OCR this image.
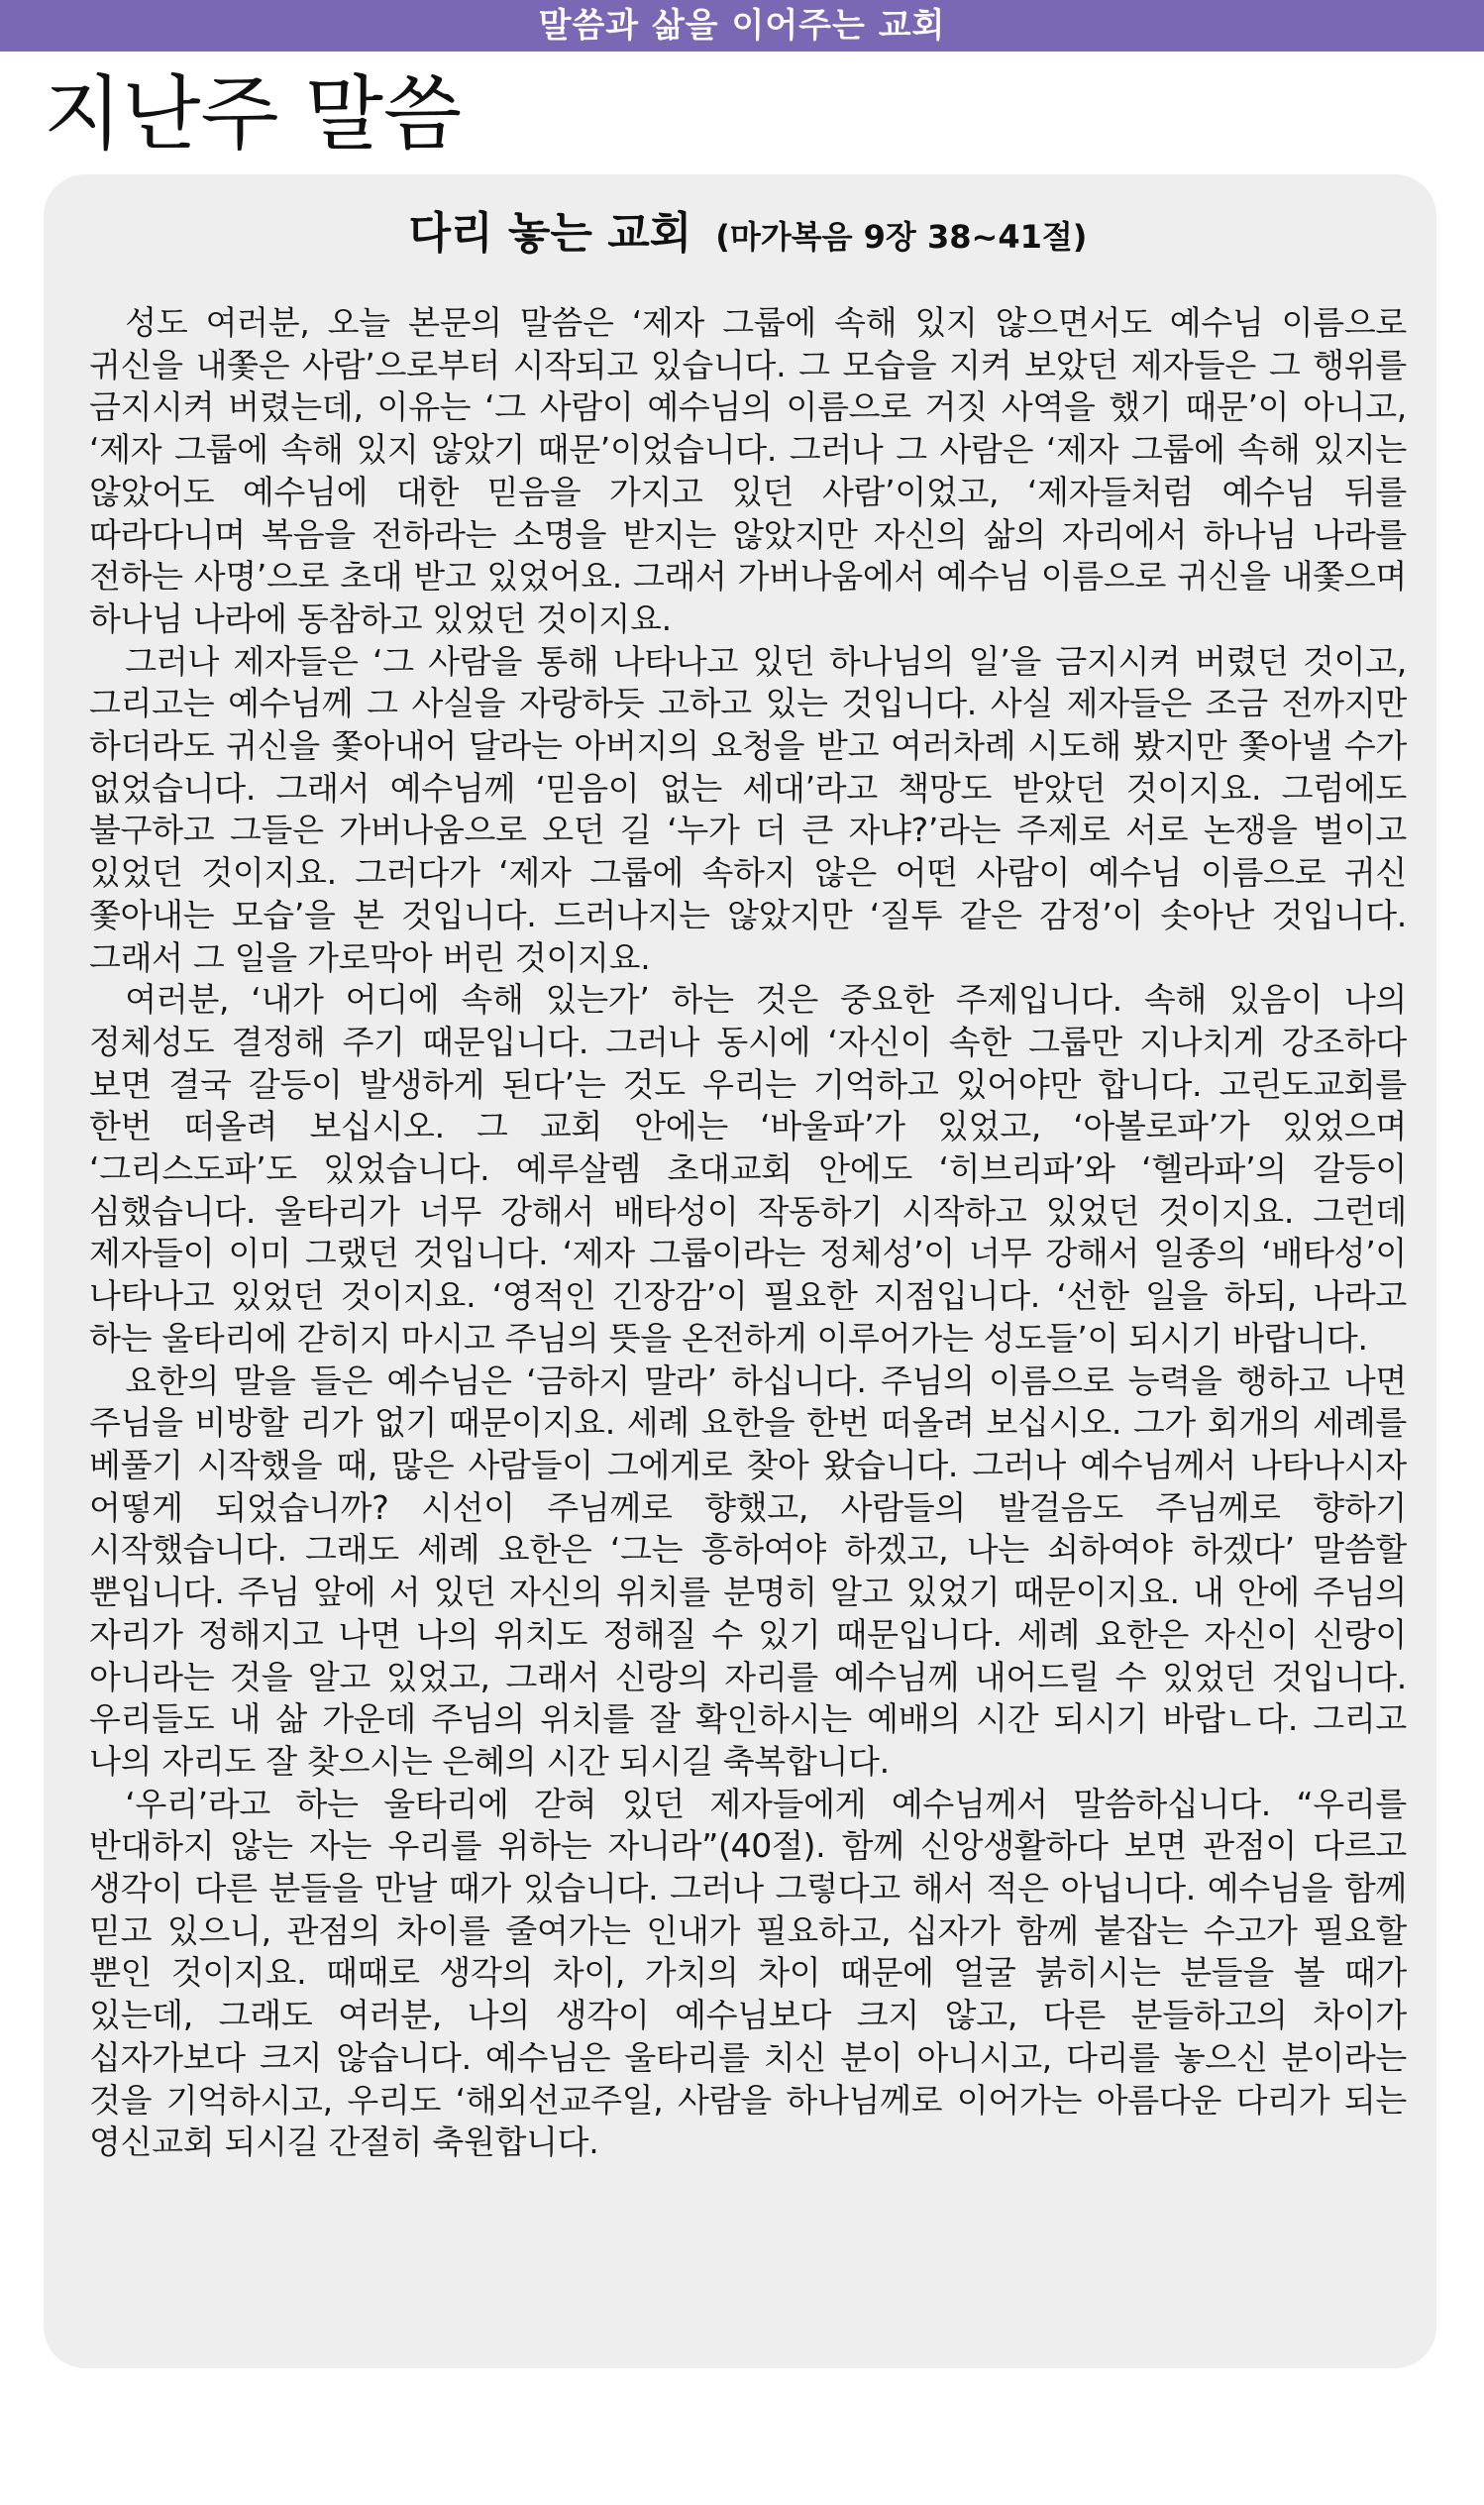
말씀과 삶을 이어주는 교회
지난주 말씀
다리 놓는 교회 (마가복음 9장 38~41절)

성도 여러분, 오늘 본문의 말씀은 ‘제자 그룹에 속해 있지 않으면서도 예수님 이름으로 귀신을 내쫓은 사람’으로부터 시작되고 있습니다. 그 모습을 지켜 보았던 제자들은 그 행위를 금지시켜 버렸는데, 이유는 ‘그 사람이 예수님의 이름으로 거짓 사역을 했기 때문’이 아니고, ‘제자 그룹에 속해 있지 않았기 때문’이었습니다. 그러나 그 사람은 ‘제자 그룹에 속해 있지는 않았어도 예수님에 대한 믿음을 가지고 있던 사람’이었고, ‘제자들처럼 예수님 뒤를 따라다니며 복음을 전하라는 소명을 받지는 않았지만 자신의 삶의 자리에서 하나님 나라를 전하는 사명’으로 초대 받고 있었어요. 그래서 가버나움에서 예수님 이름으로 귀신을 내쫓으며 하나님 나라에 동참하고 있었던 것이지요.

그러나 제자들은 ‘그 사람을 통해 나타나고 있던 하나님의 일’을 금지시켜 버렸던 것이고, 그리고는 예수님께 그 사실을 자랑하듯 고하고 있는 것입니다. 사실 제자들은 조금 전까지만 하더라도 귀신을 쫓아내어 달라는 아버지의 요청을 받고 여러차례 시도해 봤지만 쫓아낼 수가 없었습니다. 그래서 예수님께 ‘믿음이 없는 세대’라고 책망도 받았던 것이지요. 그럼에도 불구하고 그들은 가버나움으로 오던 길 ‘누가 더 큰 자냐?’라는 주제로 서로 논쟁을 벌이고 있었던 것이지요. 그러다가 ‘제자 그룹에 속하지 않은 어떤 사람이 예수님 이름으로 귀신 쫓아내는 모습’을 본 것입니다. 드러나지는 않았지만 ‘질투 같은 감정’이 솟아난 것입니다. 그래서 그 일을 가로막아 버린 것이지요.

여러분, ‘내가 어디에 속해 있는가’ 하는 것은 중요한 주제입니다. 속해 있음이 나의 정체성도 결정해 주기 때문입니다. 그러나 동시에 ‘자신이 속한 그룹만 지나치게 강조하다 보면 결국 갈등이 발생하게 된다’는 것도 우리는 기억하고 있어야만 합니다. 고린도교회를 한번 떠올려 보십시오. 그 교회 안에는 ‘바울파’가 있었고, ‘아볼로파’가 있었으며 ‘그리스도파’도 있었습니다. 예루살렘 초대교회 안에도 ‘히브리파’와 ‘헬라파’의 갈등이 심했습니다. 울타리가 너무 강해서 배타성이 작동하기 시작하고 있었던 것이지요. 그런데 제자들이 이미 그랬던 것입니다. ‘제자 그룹이라는 정체성’이 너무 강해서 일종의 ‘배타성’이 나타나고 있었던 것이지요. ‘영적인 긴장감’이 필요한 지점입니다. ‘선한 일을 하되, 나라고 하는 울타리에 갇히지 마시고 주님의 뜻을 온전하게 이루어가는 성도들’이 되시기 바랍니다.

요한의 말을 들은 예수님은 ‘금하지 말라’ 하십니다. 주님의 이름으로 능력을 행하고 나면 주님을 비방할 리가 없기 때문이지요. 세례 요한을 한번 떠올려 보십시오. 그가 회개의 세례를 베풀기 시작했을 때, 많은 사람들이 그에게로 찾아 왔습니다. 그러나 예수님께서 나타나시자 어떻게 되었습니까? 시선이 주님께로 향했고, 사람들의 발걸음도 주님께로 향하기 시작했습니다. 그래도 세례 요한은 ‘그는 흥하여야 하겠고, 나는 쇠하여야 하겠다’ 말씀할 뿐입니다. 주님 앞에 서 있던 자신의 위치를 분명히 알고 있었기 때문이지요. 내 안에 주님의 자리가 정해지고 나면 나의 위치도 정해질 수 있기 때문입니다. 세례 요한은 자신이 신랑이 아니라는 것을 알고 있었고, 그래서 신랑의 자리를 예수님께 내어드릴 수 있었던 것입니다. 우리들도 내 삶 가운데 주님의 위치를 잘 확인하시는 예배의 시간 되시기 바랍ㄴ다. 그리고 나의 자리도 잘 찾으시는 은혜의 시간 되시길 축복합니다.

‘우리’라고 하는 울타리에 갇혀 있던 제자들에게 예수님께서 말씀하십니다. “우리를 반대하지 않는 자는 우리를 위하는 자니라”(40절). 함께 신앙생활하다 보면 관점이 다르고 생각이 다른 분들을 만날 때가 있습니다. 그러나 그렇다고 해서 적은 아닙니다. 예수님을 함께 믿고 있으니, 관점의 차이를 줄여가는 인내가 필요하고, 십자가 함께 붙잡는 수고가 필요할 뿐인 것이지요. 때때로 생각의 차이, 가치의 차이 때문에 얼굴 붉히시는 분들을 볼 때가 있는데, 그래도 여러분, 나의 생각이 예수님보다 크지 않고, 다른 분들하고의 차이가 십자가보다 크지 않습니다. 예수님은 울타리를 치신 분이 아니시고, 다리를 놓으신 분이라는 것을 기억하시고, 우리도 ‘해외선교주일, 사람을 하나님께로 이어가는 아름다운 다리가 되는 영신교회 되시길 간절히 축원합니다.
